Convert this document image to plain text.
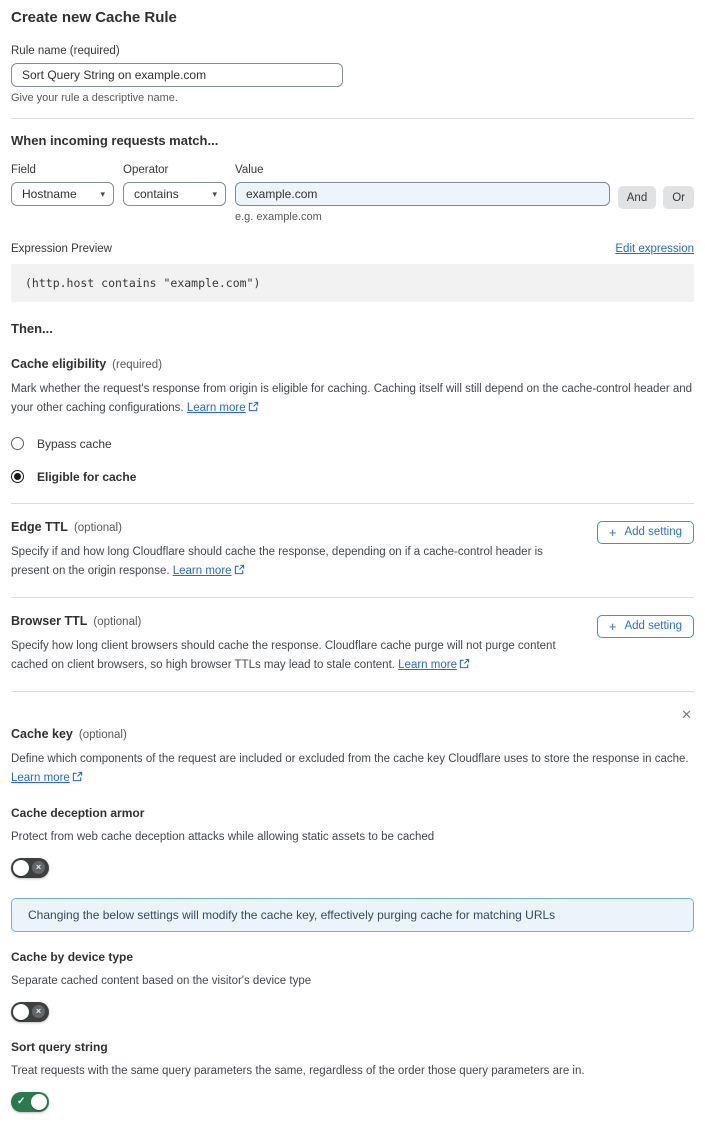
Create new Cache Rule
Rule name (required)
Sort Query String on example.com
Give your rule a descriptive name.
When incoming requests match...
Field
Hostname	▾
Operator
contains	▾
Value
example.com
e.g. example.com
And	Or
Expression Preview	Edit expression
(http.host contains "example.com")
Then...
Cache eligibility (required)

Mark whether the request's response from origin is eligible for caching. Caching itself will still depend on the cache-control header and your other caching configurations. Learn more

Bypass cache
Eligible for cache
Edge TTL (optional)

Specify if and how long Cloudflare should cache the response, depending on if a cache-control header is present on the origin response. Learn more

+ Add setting
Browser TTL (optional)

Specify how long client browsers should cache the response. Cloudflare cache purge will not purge content cached on client browsers, so high browser TTLs may lead to stale content. Learn more

+ Add setting
Cache key (optional)
✕

Define which components of the request are included or excluded from the cache key Cloudflare uses to store the response in cache. Learn more

Cache deception armor

Protect from web cache deception attacks while allowing static assets to be cached

×
Changing the below settings will modify the cache key, effectively purging cache for matching URLs
Cache by device type

Separate cached content based on the visitor's device type

×
Sort query string

Treat requests with the same query parameters the same, regardless of the order those query parameters are in.

✓
